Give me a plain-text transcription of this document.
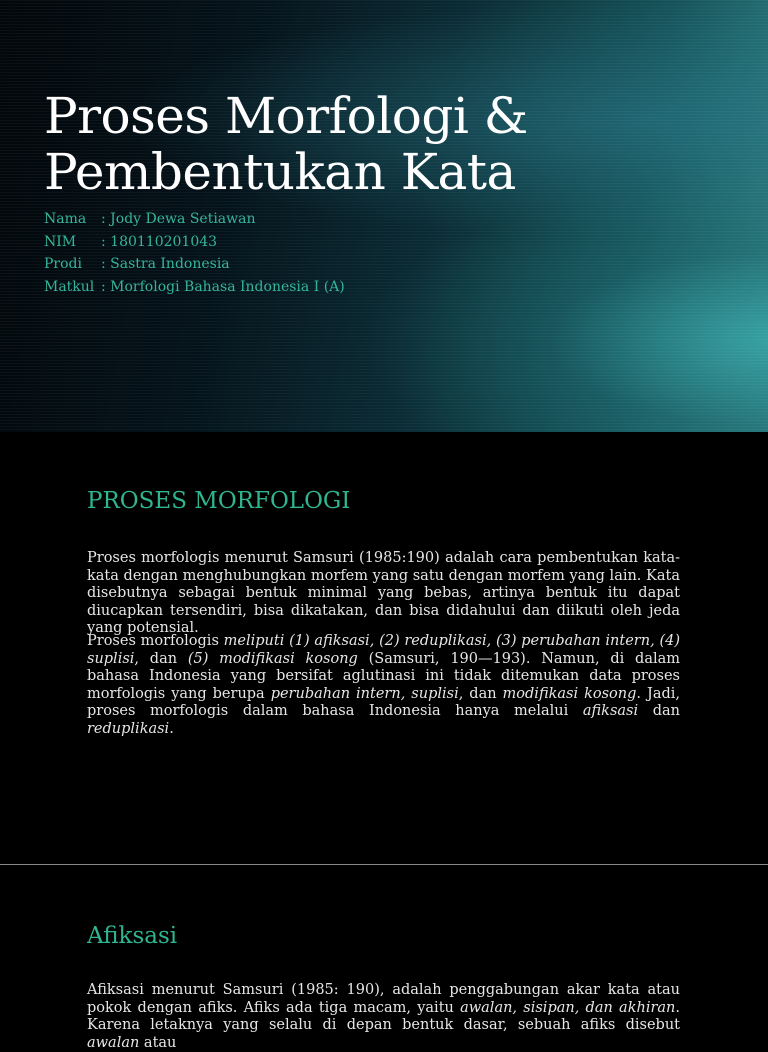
Proses Morfologi &
Pembentukan Kata
Nama	: Jody Dewa Setiawan
NIM	: 180110201043
Prodi	: Sastra Indonesia
Matkul : Morfologi Bahasa Indonesia I (A)
PROSES MORFOLOGI

Proses morfologis menurut Samsuri (1985:190) adalah cara pembentukan kata-kata dengan menghubungkan morfem yang satu dengan morfem yang lain. Kata disebutnya sebagai bentuk minimal yang bebas, artinya bentuk itu dapat diucapkan tersendiri, bisa dikatakan, dan bisa didahului dan diikuti oleh jeda yang potensial.

Proses morfologis meliputi (1) afiksasi, (2) reduplikasi, (3) perubahan intern, (4) suplisi, dan (5) modifikasi kosong (Samsuri, 190—193). Namun, di dalam bahasa Indonesia yang bersifat aglutinasi ini tidak ditemukan data proses morfologis yang berupa perubahan intern, suplisi, dan modifikasi kosong. Jadi, proses morfologis dalam bahasa Indonesia hanya melalui afiksasi dan reduplikasi.

Afiksasi

Afiksasi menurut Samsuri (1985: 190), adalah penggabungan akar kata atau pokok dengan afiks. Afiks ada tiga macam, yaitu awalan, sisipan, dan akhiran. Karena letaknya yang selalu di depan bentuk dasar, sebuah afiks disebut awalan atau
